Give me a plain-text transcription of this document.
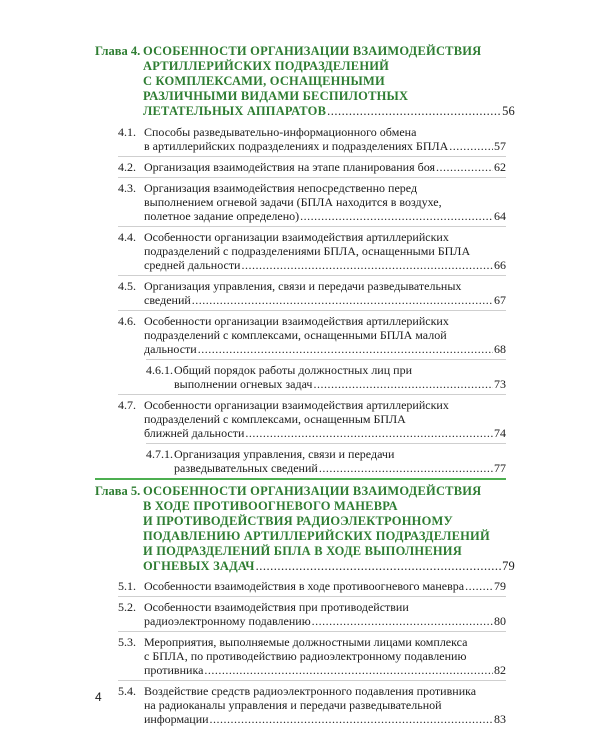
Глава 4. ОСОБЕННОСТИ ОРГАНИЗАЦИИ ВЗАИМОДЕЙСТВИЯ
АРТИЛЛЕРИЙСКИХ ПОДРАЗДЕЛЕНИЙ
С КОМПЛЕКСАМИ, ОСНАЩЕННЫМИ
РАЗЛИЧНЫМИ ВИДАМИ БЕСПИЛОТНЫХ
ЛЕТАТЕЛЬНЫХ АППАРАТОВ .....	56
4.1. Способы разведывательно-информационного обмена
в артиллерийских подразделениях и подразделениях БПЛА .....	57
4.2. Организация взаимодействия на этапе планирования боя .....	62
4.3. Организация взаимодействия непосредственно перед
выполнением огневой задачи (БПЛА находится в воздухе,
полетное задание определено) .....	64
4.4. Особенности организации взаимодействия артиллерийских
подразделений с подразделениями БПЛА, оснащенными БПЛА
средней дальности .....	66
4.5. Организация управления, связи и передачи разведывательных
сведений .....	67
4.6. Особенности организации взаимодействия артиллерийских
подразделений с комплексами, оснащенными БПЛА малой
дальности .....	68
4.6.1. Общий порядок работы должностных лиц при
выполнении огневых задач .....	73
4.7. Особенности организации взаимодействия артиллерийских
подразделений с комплексами, оснащенным БПЛА
ближней дальности .....	74
4.7.1. Организация управления, связи и передачи
разведывательных сведений .....	77
Глава 5. ОСОБЕННОСТИ ОРГАНИЗАЦИИ ВЗАИМОДЕЙСТВИЯ
В ХОДЕ ПРОТИВООГНЕВОГО МАНЕВРА
И ПРОТИВОДЕЙСТВИЯ РАДИОЭЛЕКТРОННОМУ
ПОДАВЛЕНИЮ АРТИЛЛЕРИЙСКИХ ПОДРАЗДЕЛЕНИЙ
И ПОДРАЗДЕЛЕНИЙ БПЛА В ХОДЕ ВЫПОЛНЕНИЯ
ОГНЕВЫХ ЗАДАЧ .....	79
5.1. Особенности взаимодействия в ходе противоогневого маневра ..... 79
5.2. Особенности взаимодействия при противодействии
радиоэлектронному подавлению .....	80
5.3. Мероприятия, выполняемые должностными лицами комплекса
с БПЛА, по противодействию радиоэлектронному подавлению
противника .....	82
5.4. Воздействие средств радиоэлектронного подавления противника
на радиоканалы управления и передачи разведывательной
информации .....	83
4
